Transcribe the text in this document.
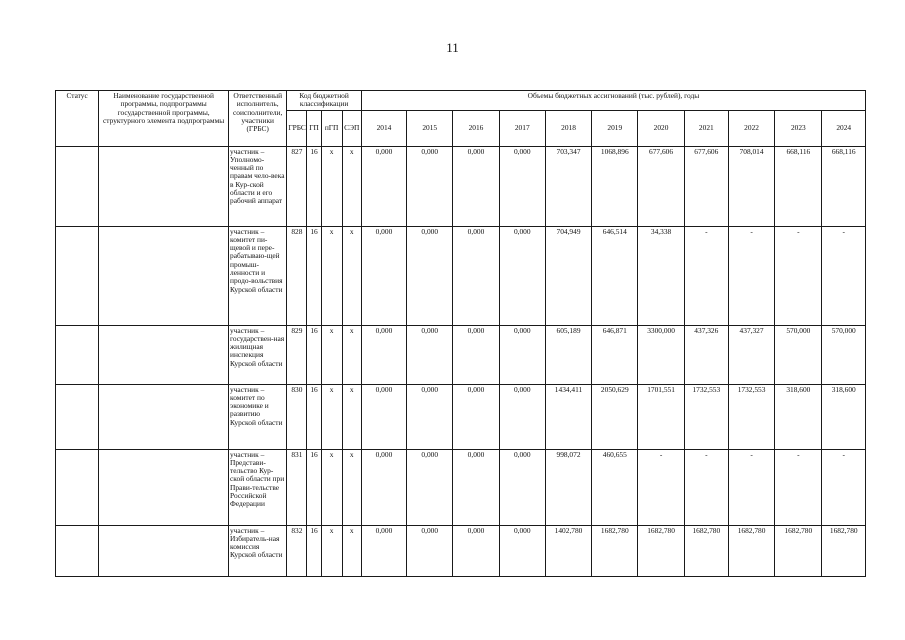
11
Статус	Наименование государственной программы, подпрограммы государственной программы, структурного элемента подпрограммы	Ответственный исполнитель, соисполнители, участники (ГРБС)	Код бюджетной классификации				Объемы бюджетных ассигнований (тыс. рублей), годы										
			ГРБС	ГП	пГП	СЭП	2014	2015	2016	2017	2018	2019	2020	2021	2022	2023	2024
		участник – Уполномо-ченный по правам чело-века в Кур-ской области и его рабочий аппарат	827	16	х	х	0,000	0,000	0,000	0,000	703,347	1068,896	677,606	677,606	708,014	668,116	668,116
		участник – комитет пи-щевой и пере-рабатываю-щей промыш-ленности и продо-вольствия Курской области	828	16	х	х	0,000	0,000	0,000	0,000	704,949	646,514	34,338	-	-	-	-
		участник – государствен-ная жилищная инспекция Курской области	829	16	х	х	0,000	0,000	0,000	0,000	605,189	646,871	3300,000	437,326	437,327	570,000	570,000
		участник – комитет по экономике и развитию Курской области	830	16	х	х	0,000	0,000	0,000	0,000	1434,411	2050,629	1701,551	1732,553	1732,553	318,600	318,600
		участник – Представи-тельство Кур-ской области при Прави-тельстве Российской Федерации	831	16	х	х	0,000	0,000	0,000	0,000	998,072	460,655	-	-	-	-	-
		участник – Избиратель-ная комиссия Курской области	832	16	х	х	0,000	0,000	0,000	0,000	1402,780	1682,780	1682,780	1682,780	1682,780	1682,780	1682,780
